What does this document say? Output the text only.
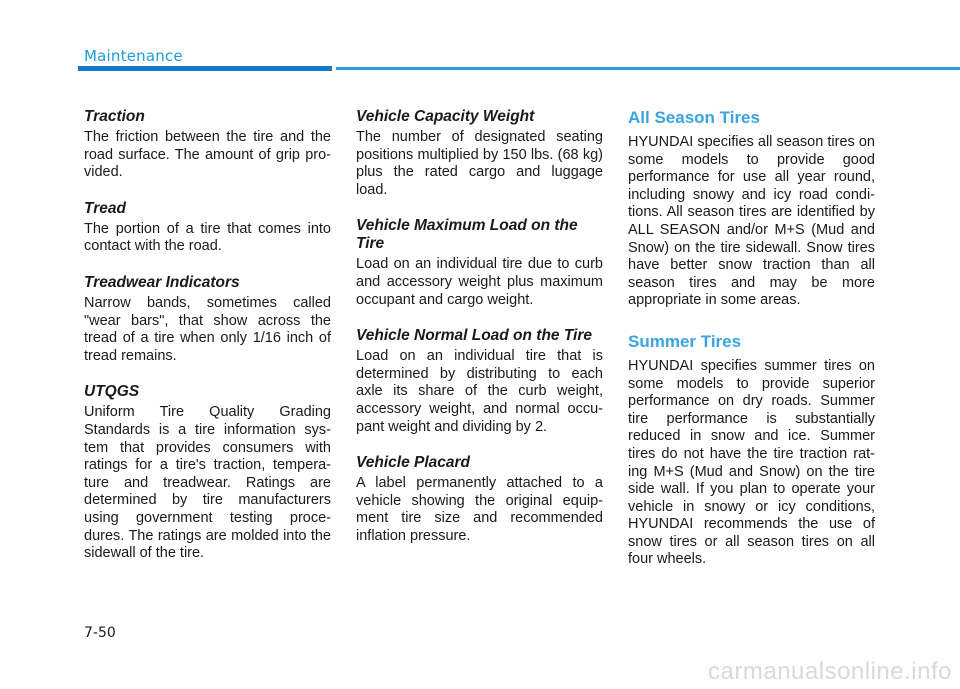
Maintenance
Traction

The friction between the tire and the road surface. The amount of grip pro-vided.

Tread

The portion of a tire that comes into contact with the road.

Treadwear Indicators

Narrow bands, sometimes called "wear bars", that show across the tread of a tire when only 1/16 inch of tread remains.

UTQGS

Uniform Tire Quality Grading Standards is a tire information sys-tem that provides consumers with ratings for a tire's traction, tempera-ture and treadwear. Ratings are determined by tire manufacturers using government testing proce-dures. The ratings are molded into the sidewall of the tire.

Vehicle Capacity Weight

The number of designated seating positions multiplied by 150 lbs. (68 kg) plus the rated cargo and luggage load.

Vehicle Maximum Load on the Tire

Load on an individual tire due to curb and accessory weight plus maximum occupant and cargo weight.

Vehicle Normal Load on the Tire

Load on an individual tire that is determined by distributing to each axle its share of the curb weight, accessory weight, and normal occu-pant weight and dividing by 2.

Vehicle Placard

A label permanently attached to a vehicle showing the original equip-ment tire size and recommended inflation pressure.

All Season Tires

HYUNDAI specifies all season tires on some models to provide good performance for use all year round, including snowy and icy road condi-tions. All season tires are identified by ALL SEASON and/or M+S (Mud and Snow) on the tire sidewall. Snow tires have better snow traction than all season tires and may be more appropriate in some areas.

Summer Tires

HYUNDAI specifies summer tires on some models to provide superior performance on dry roads. Summer tire performance is substantially reduced in snow and ice. Summer tires do not have the tire traction rat-ing M+S (Mud and Snow) on the tire side wall. If you plan to operate your vehicle in snowy or icy conditions, HYUNDAI recommends the use of snow tires or all season tires on all four wheels.

7-50
carmanualsonline.info
